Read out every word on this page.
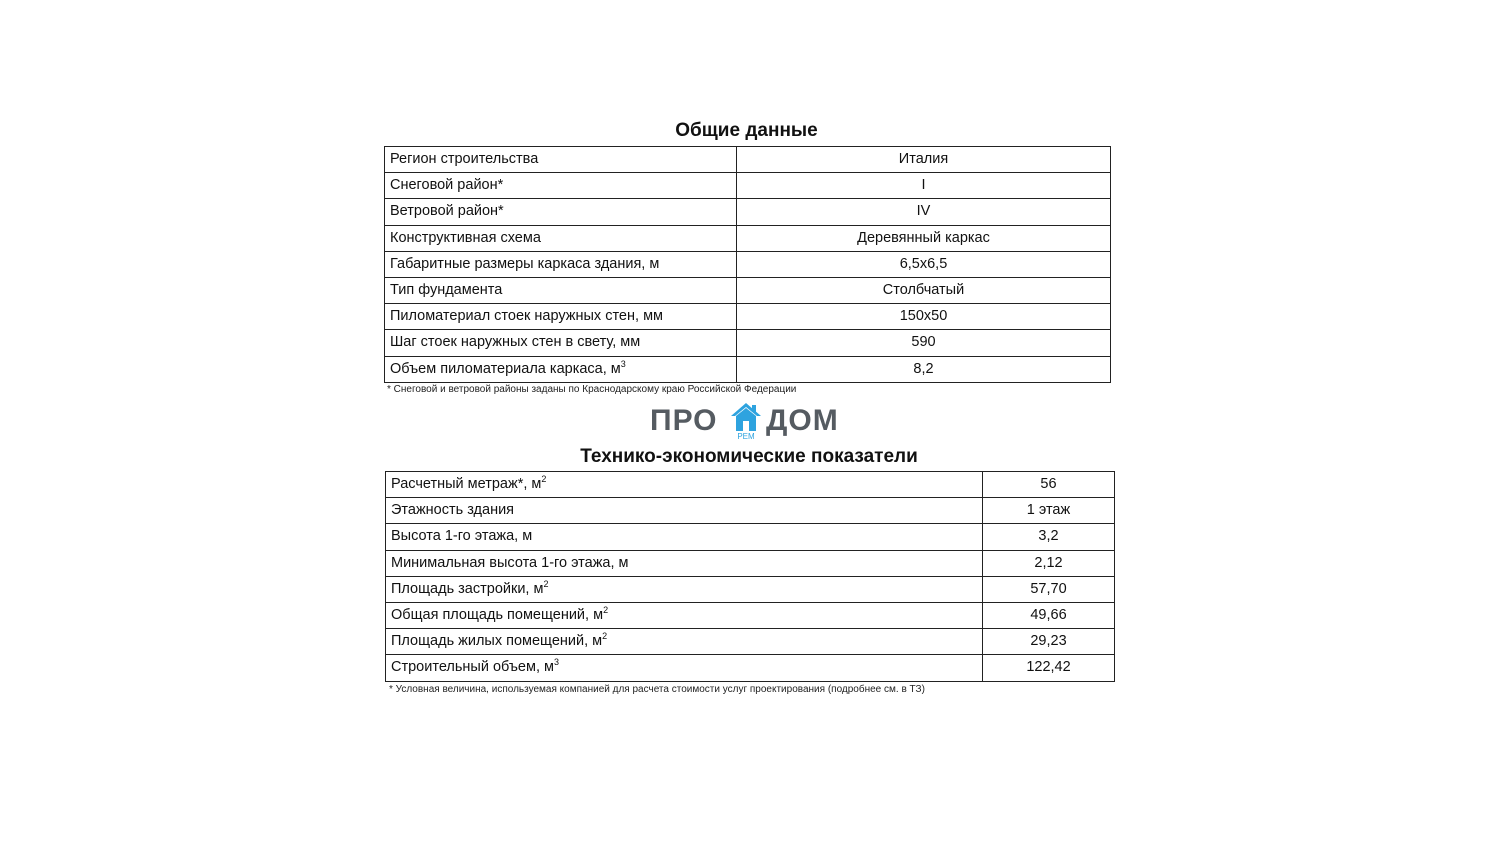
Общие данные
Регион строительства	Италия
Снеговой район*	I
Ветровой район*	IV
Конструктивная схема	Деревянный каркас
Габаритные размеры каркаса здания, м	6,5x6,5
Тип фундамента	Столбчатый
Пиломатериал стоек наружных стен, мм	150x50
Шаг стоек наружных стен в свету, мм	590
Объем пиломатериала каркаса, $м^3$	8,2
* Снеговой и ветровой районы заданы по Краснодарскому краю Российской Федерации
ПРО	РЕМ ДОМ
Технико-экономические показатели
Расчетный метраж*, $м^2$	56
Этажность здания	1 этаж
Высота 1-го этажа, м	3,2
Минимальная высота 1-го этажа, м	2,12
Площадь застройки, $м^2$	57,70
Общая площадь помещений, $м^2$	49,66
Площадь жилых помещений, $м^2$	29,23
Строительный объем, $м^3$	122,42
* Условная величина, используемая компанией для расчета стоимости услуг проектирования (подробнее см. в ТЗ)
